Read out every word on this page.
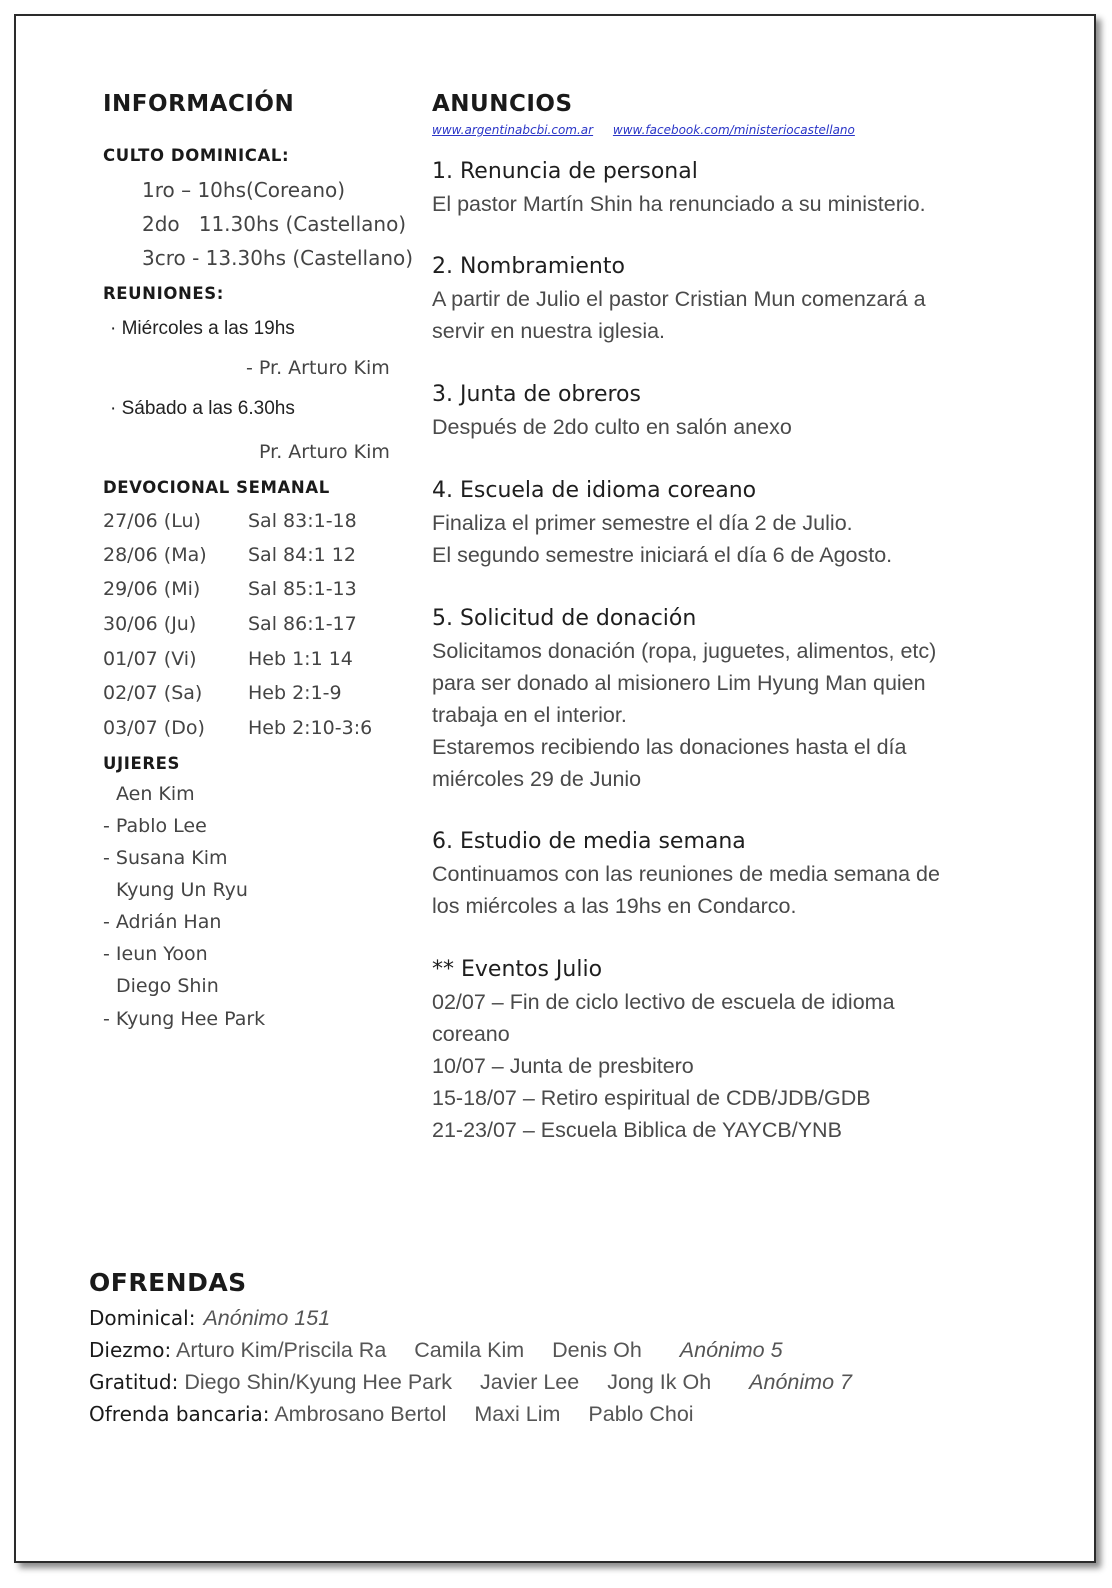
INFORMACIÓN
CULTO DOMINICAL:
1ro – 10hs(Coreano)
2do   11.30hs (Castellano)
3cro - 13.30hs (Castellano)
REUNIONES:
· Miércoles a las 19hs
- Pr. Arturo Kim
· Sábado a las 6.30hs
Pr. Arturo Kim
DEVOCIONAL SEMANAL
27/06 (Lu) Sal 83:1-18
28/06 (Ma) Sal 84:1 12
29/06 (Mi)	Sal 85:1-13
30/06 (Ju)	Sal 86:1-17
01/07 (Vi)	Heb 1:1 14
02/07 (Sa) Heb 2:1-9
03/07 (Do) Heb 2:10-3:6
UJIERES
Aen Kim
- Pablo Lee
- Susana Kim
Kyung Un Ryu
- Adrián Han
- Ieun Yoon
Diego Shin
- Kyung Hee Park
ANUNCIOS
www.argentinabcbi.com.ar www.facebook.com/ministeriocastellano
1. Renuncia de personal
El pastor Martín Shin ha renunciado a su ministerio.
2. Nombramiento
A partir de Julio el pastor Cristian Mun comenzará a
servir en nuestra iglesia.
3. Junta de obreros
Después de 2do culto en salón anexo
4. Escuela de idioma coreano
Finaliza el primer semestre el día 2 de Julio.
El segundo semestre iniciará el día 6 de Agosto.
5. Solicitud de donación
Solicitamos donación (ropa, juguetes, alimentos, etc)
para ser donado al misionero Lim Hyung Man quien
trabaja en el interior.
Estaremos recibiendo las donaciones hasta el día
miércoles 29 de Junio
6. Estudio de media semana
Continuamos con las reuniones de media semana de
los miércoles a las 19hs en Condarco.
** Eventos Julio
02/07 – Fin de ciclo lectivo de escuela de idioma
coreano
10/07 – Junta de presbitero
15-18/07 – Retiro espiritual de CDB/JDB/GDB
21-23/07 – Escuela Biblica de YAYCB/YNB
OFRENDAS
Dominical: Anónimo 151
Diezmo: Arturo Kim/Priscila Ra Camila Kim Denis Oh Anónimo 5
Gratitud: Diego Shin/Kyung Hee Park Javier Lee Jong Ik Oh Anónimo 7
Ofrenda bancaria: Ambrosano Bertol Maxi Lim Pablo Choi
